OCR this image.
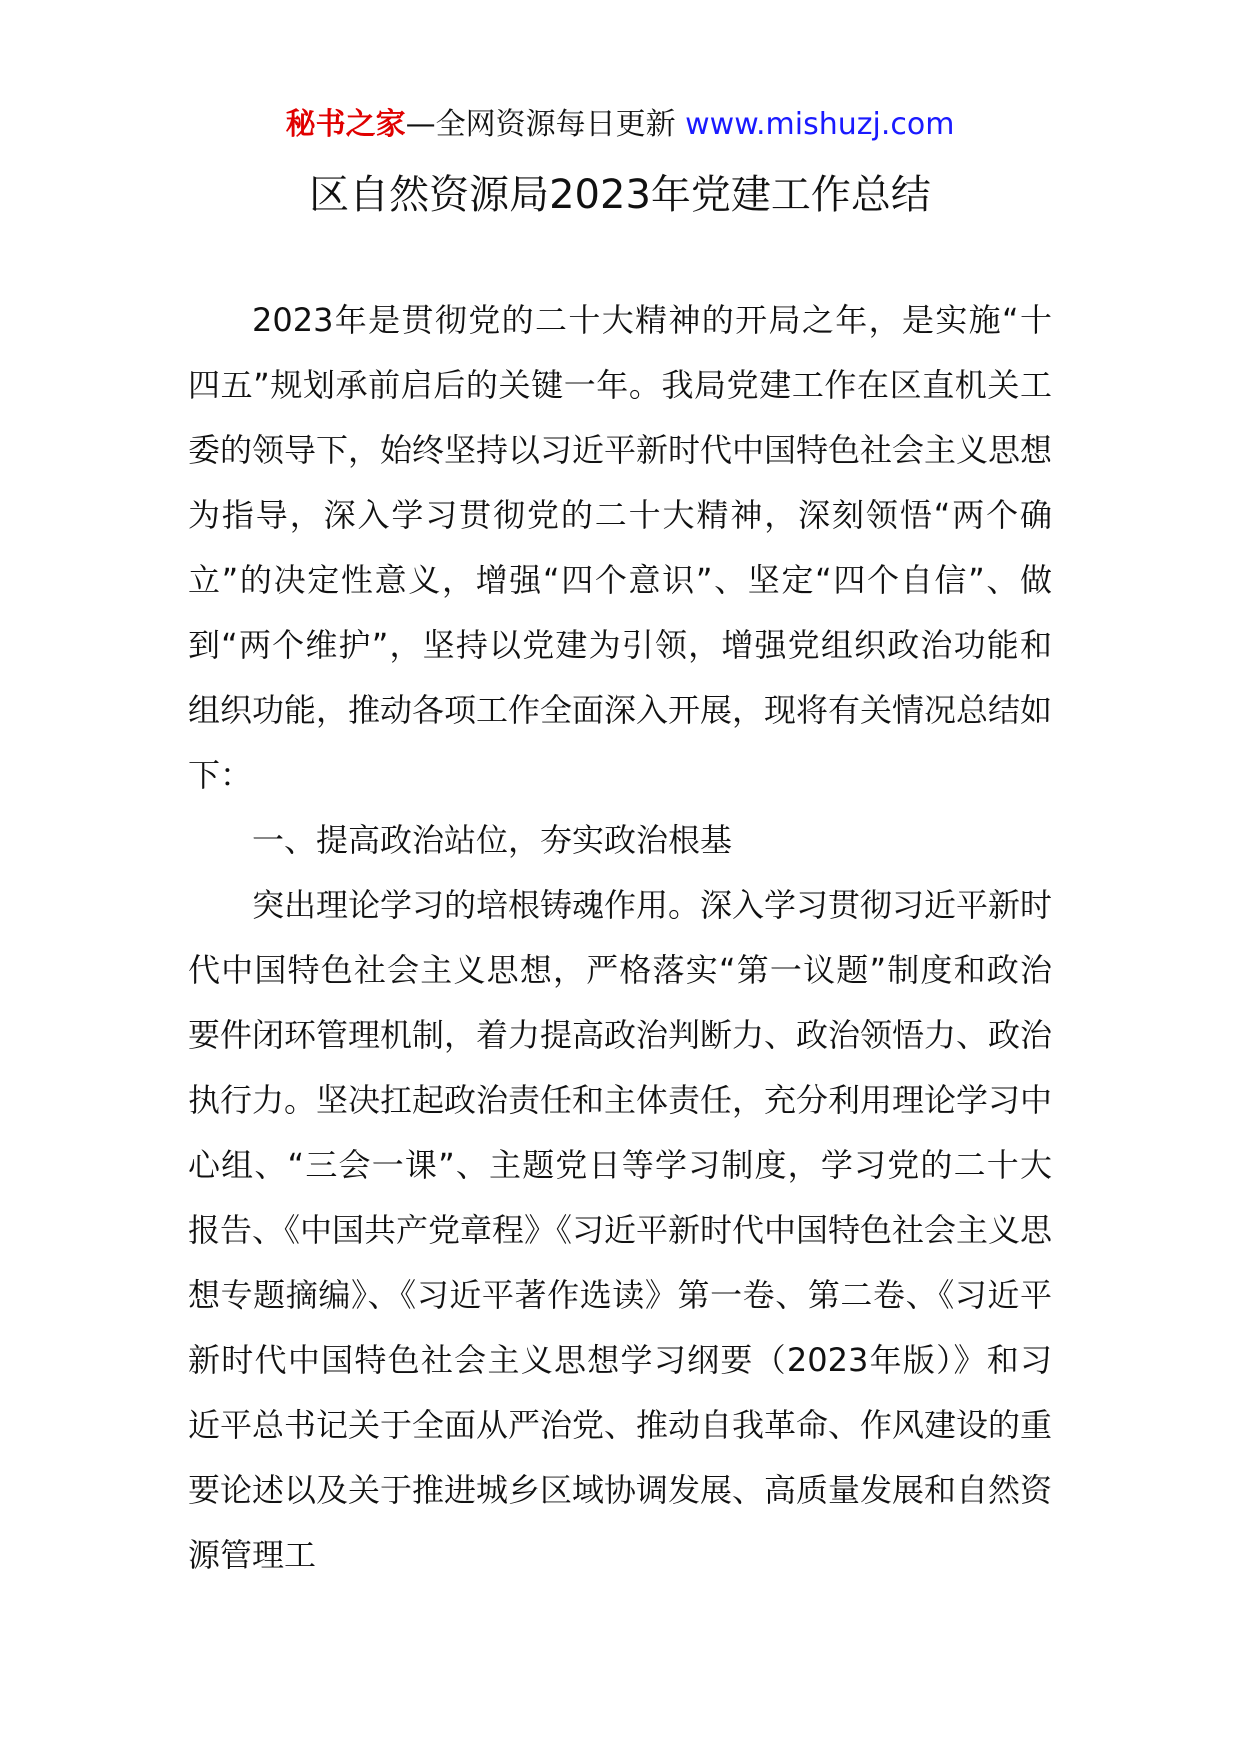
秘书之家—全网资源每日更新 www.mishuzj.com
区自然资源局2023年党建工作总结

2023年是贯彻党的二十大精神的开局之年，是实施“十四五”规划承前启后的关键一年。我局党建工作在区直机关工委的领导下，始终坚持以习近平新时代中国特色社会主义思想为指导，深入学习贯彻党的二十大精神，深刻领悟“两个确立”的决定性意义，增强“四个意识”、坚定“四个自信”、做到“两个维护”，坚持以党建为引领，增强党组织政治功能和组织功能，推动各项工作全面深入开展，现将有关情况总结如下：

一、提高政治站位，夯实政治根基

突出理论学习的培根铸魂作用。深入学习贯彻习近平新时代中国特色社会主义思想，严格落实“第一议题”制度和政治要件闭环管理机制，着力提高政治判断力、政治领悟力、政治执行力。坚决扛起政治责任和主体责任，充分利用理论学习中心组、“三会一课”、主题党日等学习制度，学习党的二十大报告、《中国共产党章程》《习近平新时代中国特色社会主义思想专题摘编》、《习近平著作选读》第一卷、第二卷、《习近平新时代中国特色社会主义思想学习纲要（2023年版）》和习近平总书记关于全面从严治党、推动自我革命、作风建设的重要论述以及关于推进城乡区域协调发展、高质量发展和自然资源管理工
